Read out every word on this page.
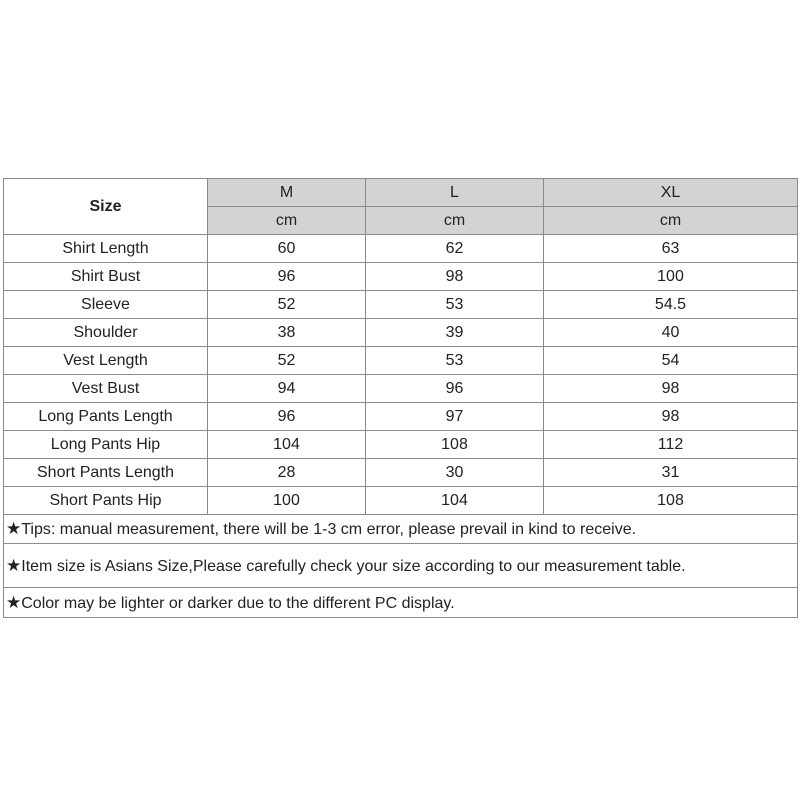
Size	M	L	XL
	cm	cm	cm
Shirt Length	60	62	63
Shirt Bust	96	98	100
Sleeve	52	53	54.5
Shoulder	38	39	40
Vest Length	52	53	54
Vest Bust	94	96	98
Long Pants Length	96	97	98
Long Pants Hip	104	108	112
Short Pants Length	28	30	31
Short Pants Hip	100	104	108
★Tips: manual measurement, there will be 1-3 cm error, please prevail in kind to receive.			
★Item size is Asians Size,Please carefully check your size according to our measurement table.			
★Color may be lighter or darker due to the different PC display.			
